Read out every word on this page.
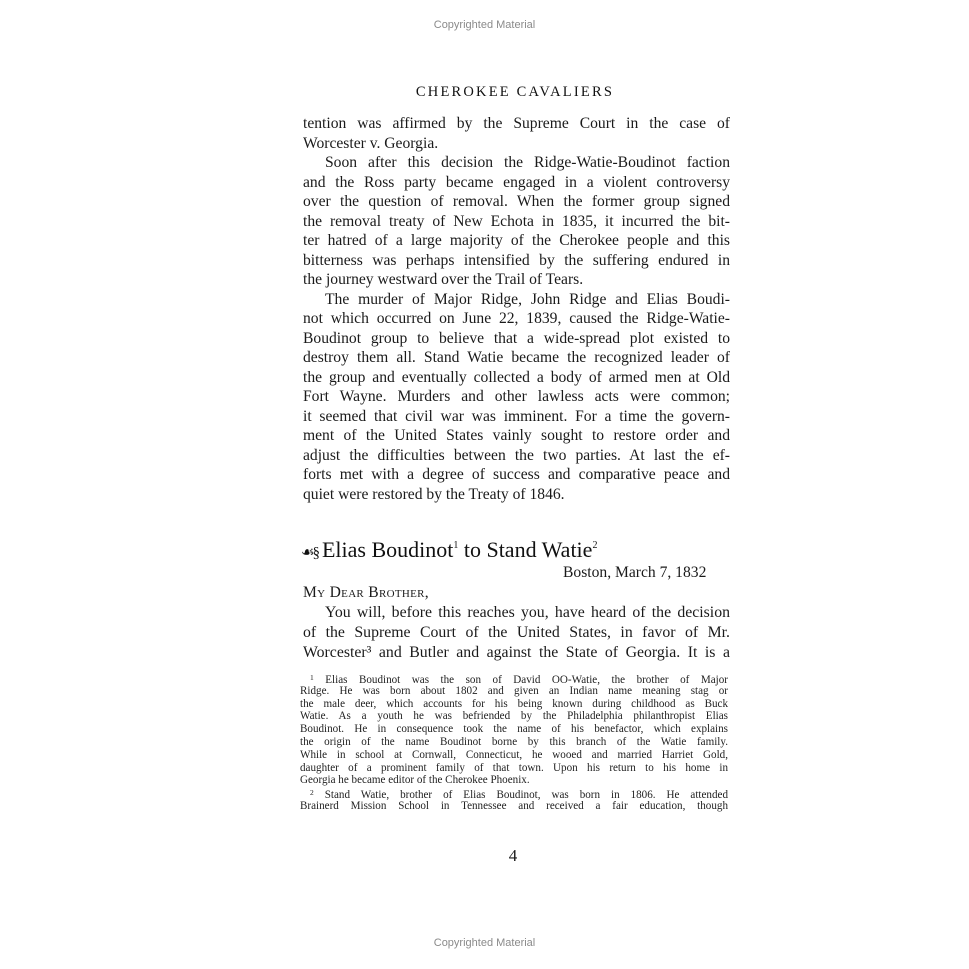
Copyrighted Material
CHEROKEE CAVALIERS
tention was affirmed by the Supreme Court in the case of
Worcester v. Georgia.
Soon after this decision the Ridge-Watie-Boudinot faction
and the Ross party became engaged in a violent controversy
over the question of removal. When the former group signed
the removal treaty of New Echota in 1835, it incurred the bit-
ter hatred of a large majority of the Cherokee people and this
bitterness was perhaps intensified by the suffering endured in
the journey westward over the Trail of Tears.
The murder of Major Ridge, John Ridge and Elias Boudi-
not which occurred on June 22, 1839, caused the Ridge-Watie-
Boudinot group to believe that a wide-spread plot existed to
destroy them all. Stand Watie became the recognized leader of
the group and eventually collected a body of armed men at Old
Fort Wayne. Murders and other lawless acts were common;
it seemed that civil war was imminent. For a time the govern-
ment of the United States vainly sought to restore order and
adjust the difficulties between the two parties. At last the ef-
forts met with a degree of success and comparative peace and
quiet were restored by the Treaty of 1846.
☙§ Elias Boudinot$^1$ to Stand Watie$^2$
Boston, March 7, 1832
My Dear Brother,
You will, before this reaches you, have heard of the decision
of the Supreme Court of the United States, in favor of Mr.
Worcester³ and Butler and against the State of Georgia. It is a
$^1$ Elias Boudinot was the son of David OO-Watie, the brother of Major
Ridge. He was born about 1802 and given an Indian name meaning stag or
the male deer, which accounts for his being known during childhood as Buck
Watie. As a youth he was befriended by the Philadelphia philanthropist Elias
Boudinot. He in consequence took the name of his benefactor, which explains
the origin of the name Boudinot borne by this branch of the Watie family.
While in school at Cornwall, Connecticut, he wooed and married Harriet Gold,
daughter of a prominent family of that town. Upon his return to his home in
Georgia he became editor of the Cherokee Phoenix.
$^2$ Stand Watie, brother of Elias Boudinot, was born in 1806. He attended
Brainerd Mission School in Tennessee and received a fair education, though
4
Copyrighted Material
